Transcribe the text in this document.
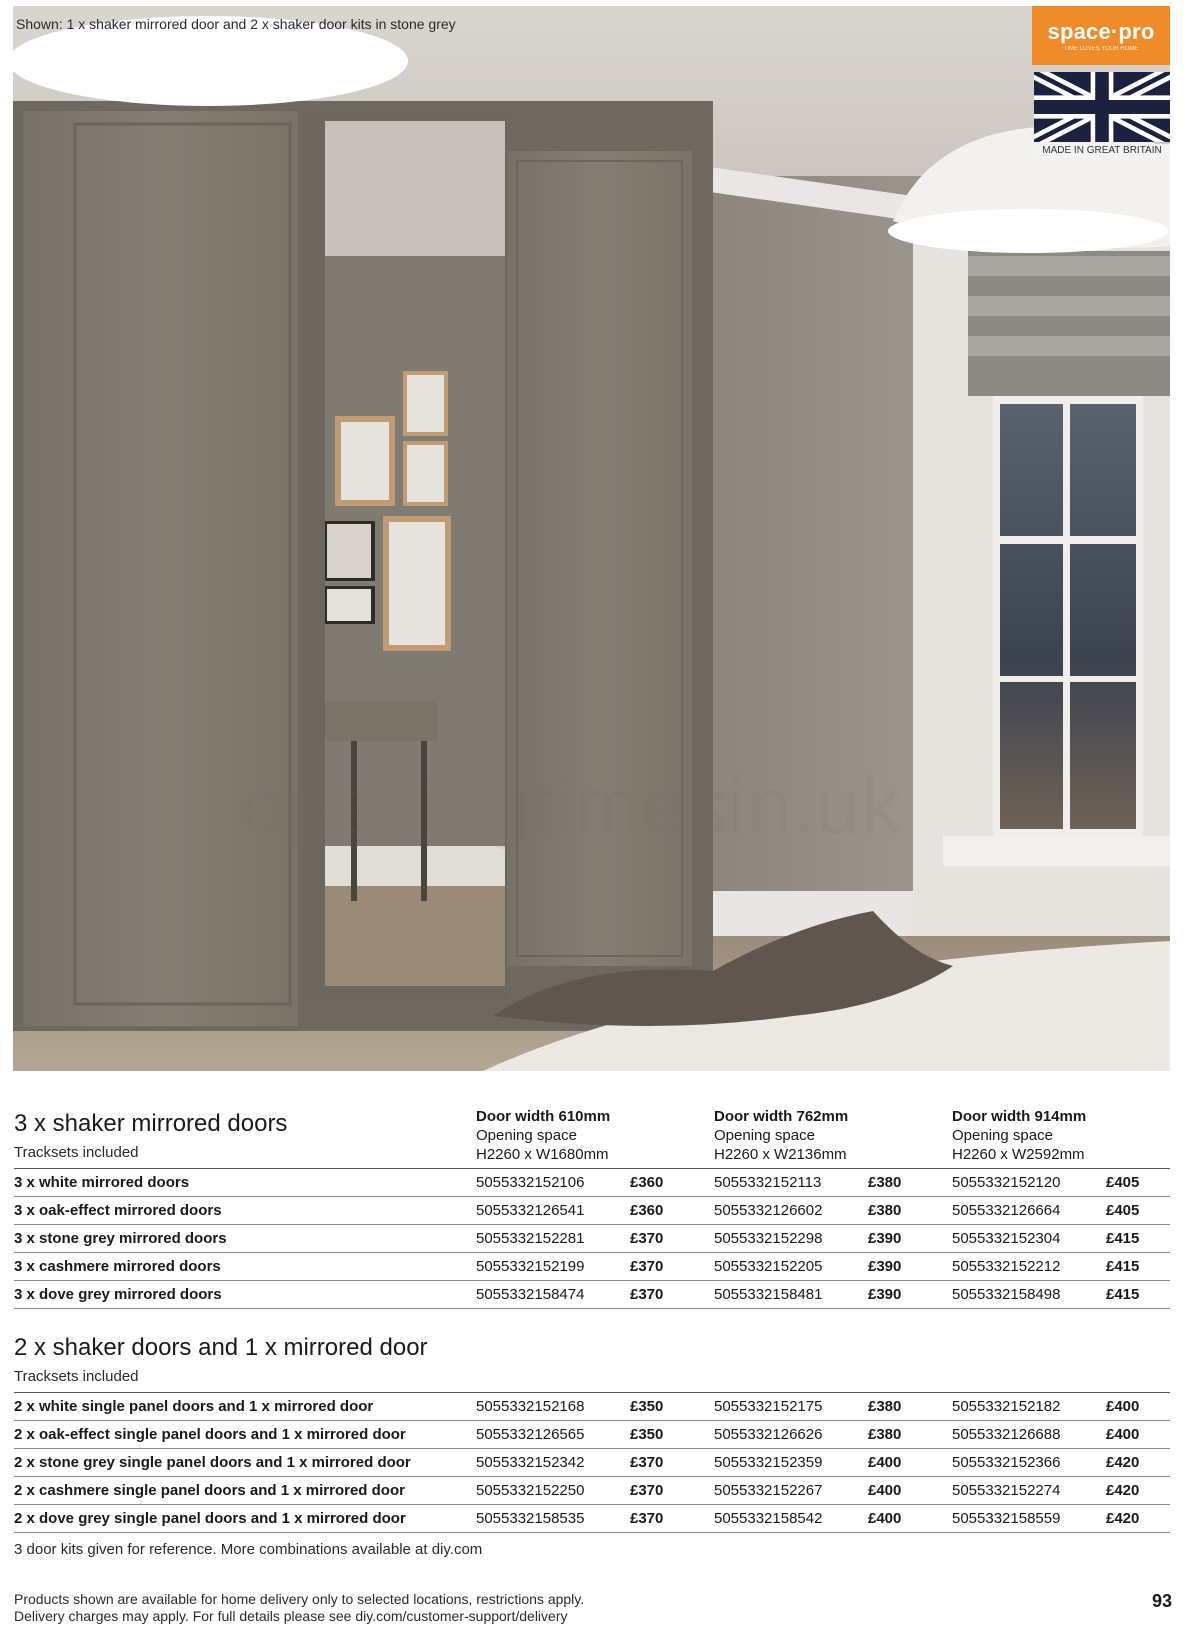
Shown: 1 x shaker mirrored door and 2 x shaker door kits in stone grey
openingtimesin.uk
space·pro
TIME LOVES YOUR HOME
MADE IN GREAT BRITAIN
3 x shaker mirrored doors
Tracksets included
Door width 610mm
Opening space
H2260 x W1680mm
Door width 762mm
Opening space
H2260 x W2136mm
Door width 914mm
Opening space
H2260 x W2592mm
3 x white mirrored doors	5055332152106	£360	5055332152113	£380	5055332152120	£405
3 x oak-effect mirrored doors	5055332126541	£360	5055332126602	£380	5055332126664	£405
3 x stone grey mirrored doors	5055332152281	£370	5055332152298	£390	5055332152304	£415
3 x cashmere mirrored doors	5055332152199	£370	5055332152205	£390	5055332152212	£415
3 x dove grey mirrored doors	5055332158474	£370	5055332158481	£390	5055332158498	£415
2 x shaker doors and 1 x mirrored door
Tracksets included
2 x white single panel doors and 1 x mirrored door	5055332152168	£350	5055332152175	£380	5055332152182	£400
2 x oak-effect single panel doors and 1 x mirrored door	5055332126565	£350	5055332126626	£380	5055332126688	£400
2 x stone grey single panel doors and 1 x mirrored door	5055332152342	£370	5055332152359	£400	5055332152366	£420
2 x cashmere single panel doors and 1 x mirrored door	5055332152250	£370	5055332152267	£400	5055332152274	£420
2 x dove grey single panel doors and 1 x mirrored door	5055332158535	£370	5055332158542	£400	5055332158559	£420
3 door kits given for reference. More combinations available at diy.com
Products shown are available for home delivery only to selected locations, restrictions apply.
Delivery charges may apply. For full details please see diy.com/customer-support/delivery
93
